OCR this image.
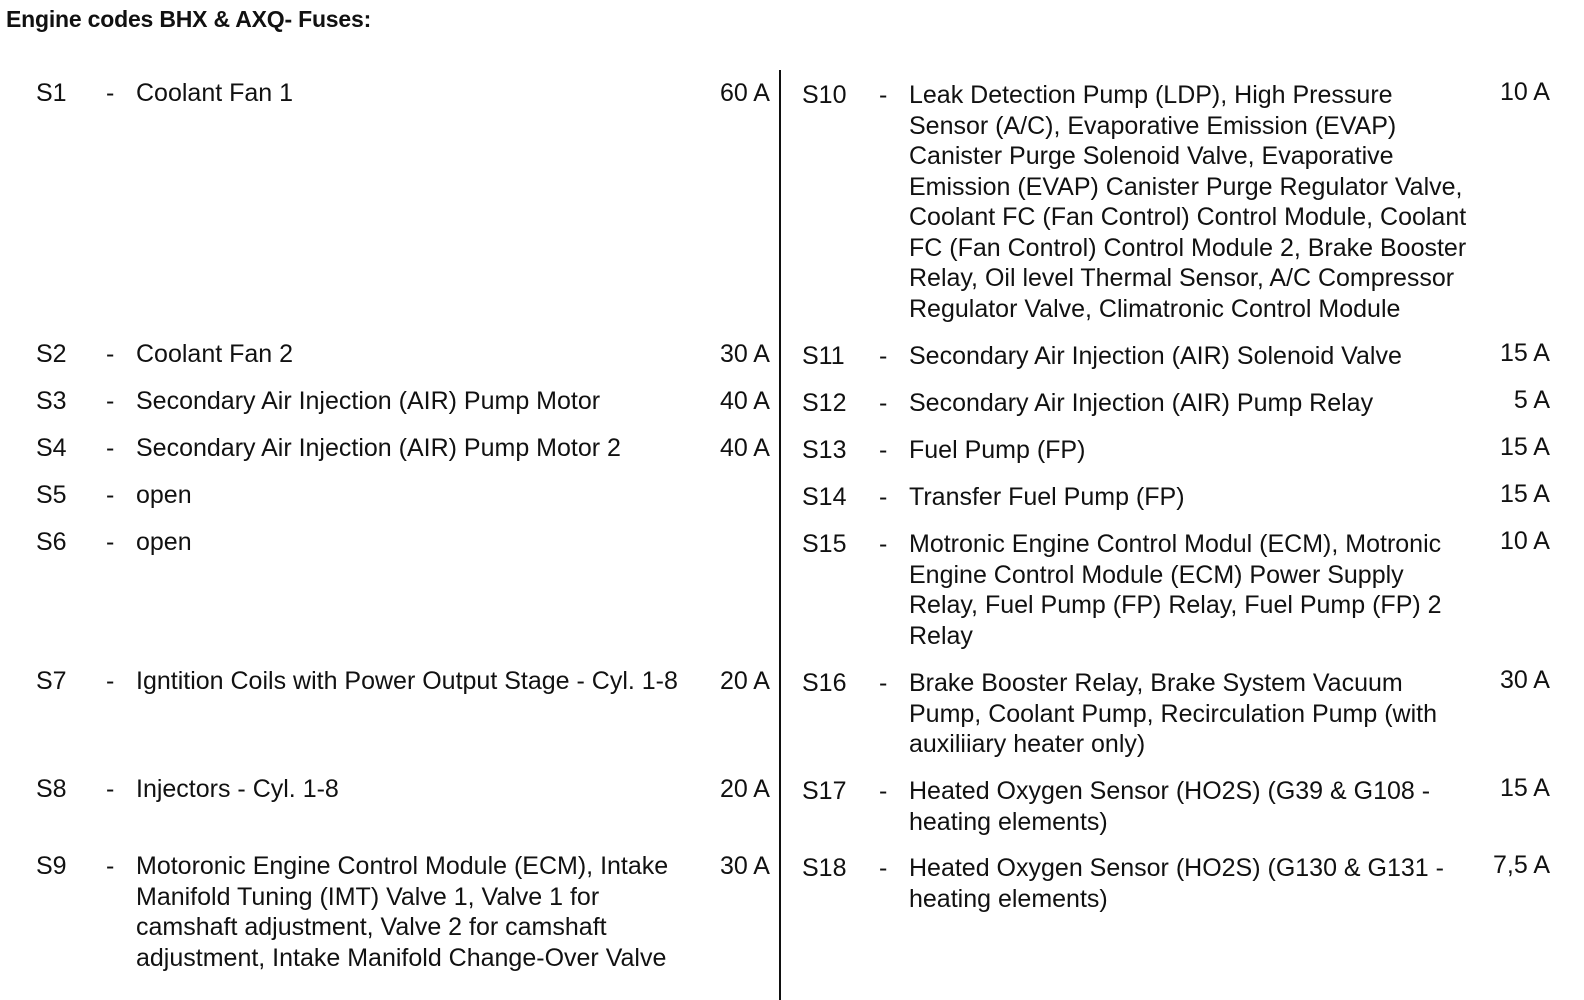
Engine codes BHX & AXQ- Fuses:
S1 - Coolant Fan 1	60 A
S2 - Coolant Fan 2	30 A
S3 - Secondary Air Injection (AIR) Pump Motor	40 A
S4 - Secondary Air Injection (AIR) Pump Motor 2	40 A
S5 - open
S6 - open
S7 - Igntition Coils with Power Output Stage - Cyl. 1-8	20 A
S8 - Injectors - Cyl. 1-8	20 A
S9 - Motoronic Engine Control Module (ECM), Intake
Manifold Tuning (IMT) Valve 1, Valve 1 for
camshaft adjustment, Valve 2 for camshaft
adjustment, Intake Manifold Change-Over Valve
30 A
S10 - Leak Detection Pump (LDP), High Pressure
Sensor (A/C), Evaporative Emission (EVAP)
Canister Purge Solenoid Valve, Evaporative
Emission (EVAP) Canister Purge Regulator Valve,
Coolant FC (Fan Control) Control Module, Coolant
FC (Fan Control) Control Module 2, Brake Booster
Relay, Oil level Thermal Sensor, A/C Compressor
Regulator Valve, Climatronic Control Module
10 A
S11 - Secondary Air Injection (AIR) Solenoid Valve	15 A
S12 - Secondary Air Injection (AIR) Pump Relay	5 A
S13 - Fuel Pump (FP)	15 A
S14 - Transfer Fuel Pump (FP)	15 A
S15 - Motronic Engine Control Modul (ECM), Motronic
Engine Control Module (ECM) Power Supply
Relay, Fuel Pump (FP) Relay, Fuel Pump (FP) 2
Relay
10 A
S16 - Brake Booster Relay, Brake System Vacuum
Pump, Coolant Pump, Recirculation Pump (with
auxiliiary heater only)
30 A
S17 - Heated Oxygen Sensor (HO2S) (G39 & G108 -
heating elements)
15 A
S18 - Heated Oxygen Sensor (HO2S) (G130 & G131 -
heating elements)
7,5 A
